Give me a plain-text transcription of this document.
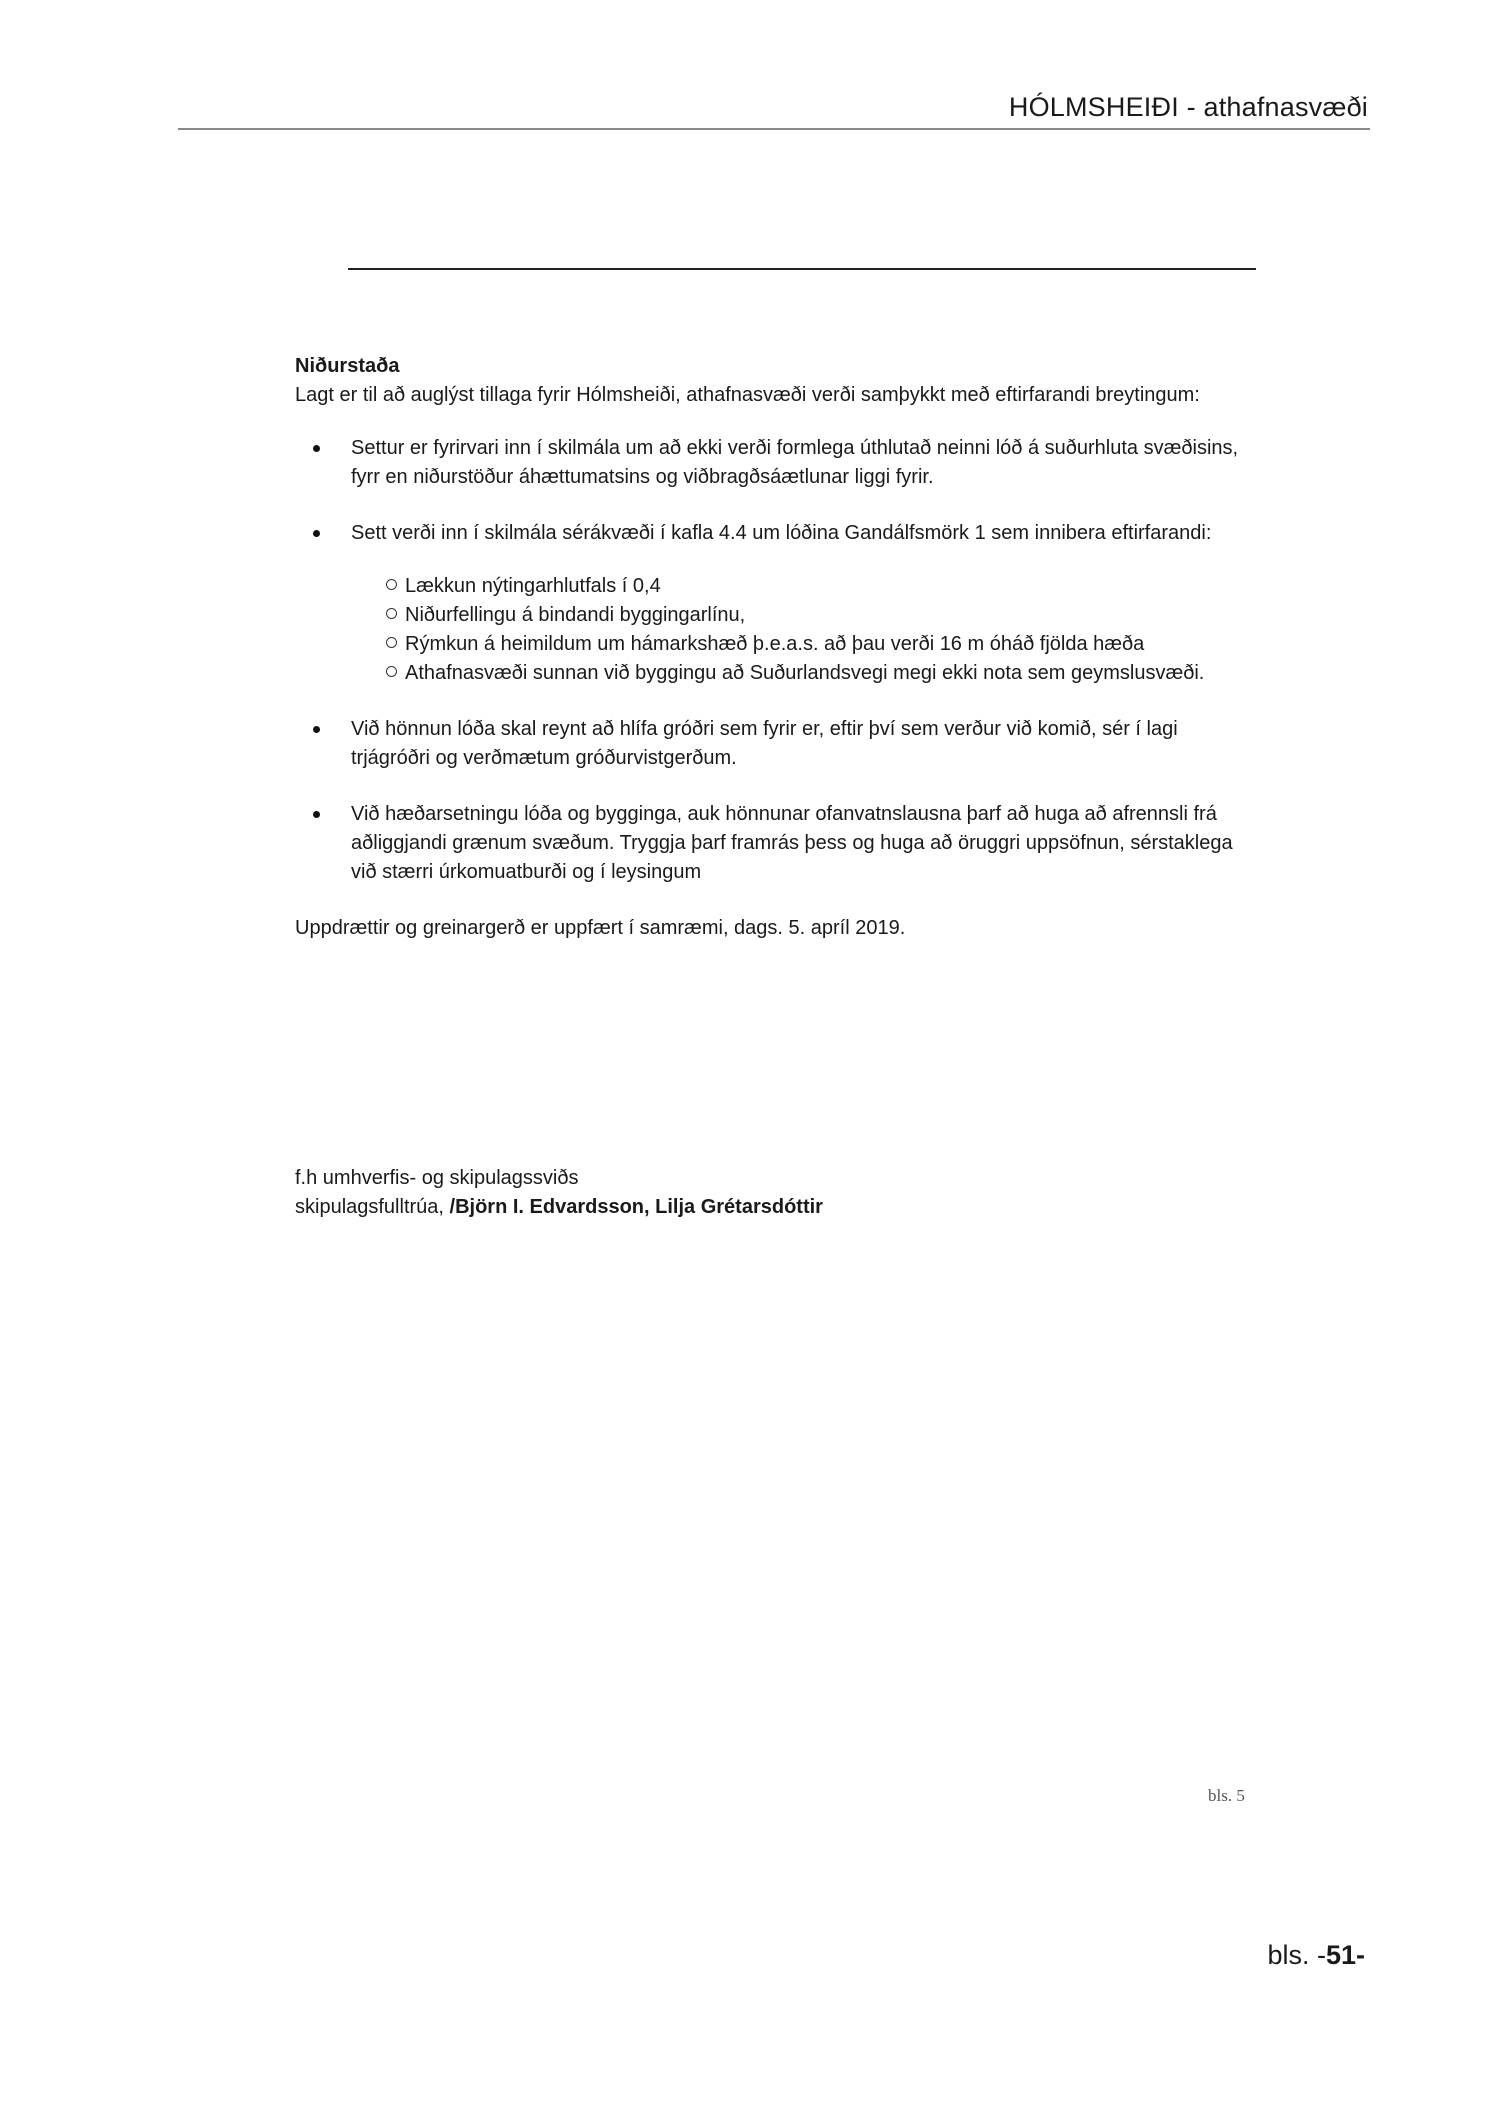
HÓLMSHEIÐI - athafnasvæði

Niðurstaða

Lagt er til að auglýst tillaga fyrir Hólmsheiði, athafnasvæði verði samþykkt með eftirfarandi breytingum:

Settur er fyrirvari inn í skilmála um að ekki verði formlega úthlutað neinni lóð á suðurhluta svæðisins, fyrr en niðurstöður áhættumatsins og viðbragðsáætlunar liggi fyrir.
Sett verði inn í skilmála sérákvæði í kafla 4.4 um lóðina Gandálfsmörk 1 sem innibera eftirfarandi:
Lækkun nýtingarhlutfals í 0,4
Niðurfellingu á bindandi byggingarlínu,
Rýmkun á heimildum um hámarkshæð þ.e.a.s. að þau verði 16 m óháð fjölda hæða
Athafnasvæði sunnan við byggingu að Suðurlandsvegi megi ekki nota sem geymslusvæði.
Við hönnun lóða skal reynt að hlífa gróðri sem fyrir er, eftir því sem verður við komið, sér í lagi trjágróðri og verðmætum gróðurvistgerðum.
Við hæðarsetningu lóða og bygginga, auk hönnunar ofanvatnslausna þarf að huga að afrennsli frá aðliggjandi grænum svæðum. Tryggja þarf framrás þess og huga að öruggri uppsöfnun, sérstaklega við stærri úrkomuatburði og í leysingum

Uppdrættir og greinargerð er uppfært í samræmi, dags. 5. apríl 2019.

f.h umhverfis- og skipulagssviðs
skipulagsfulltrúa, /Björn I. Edvardsson, Lilja Grétarsdóttir
bls. 5
bls. -51-
